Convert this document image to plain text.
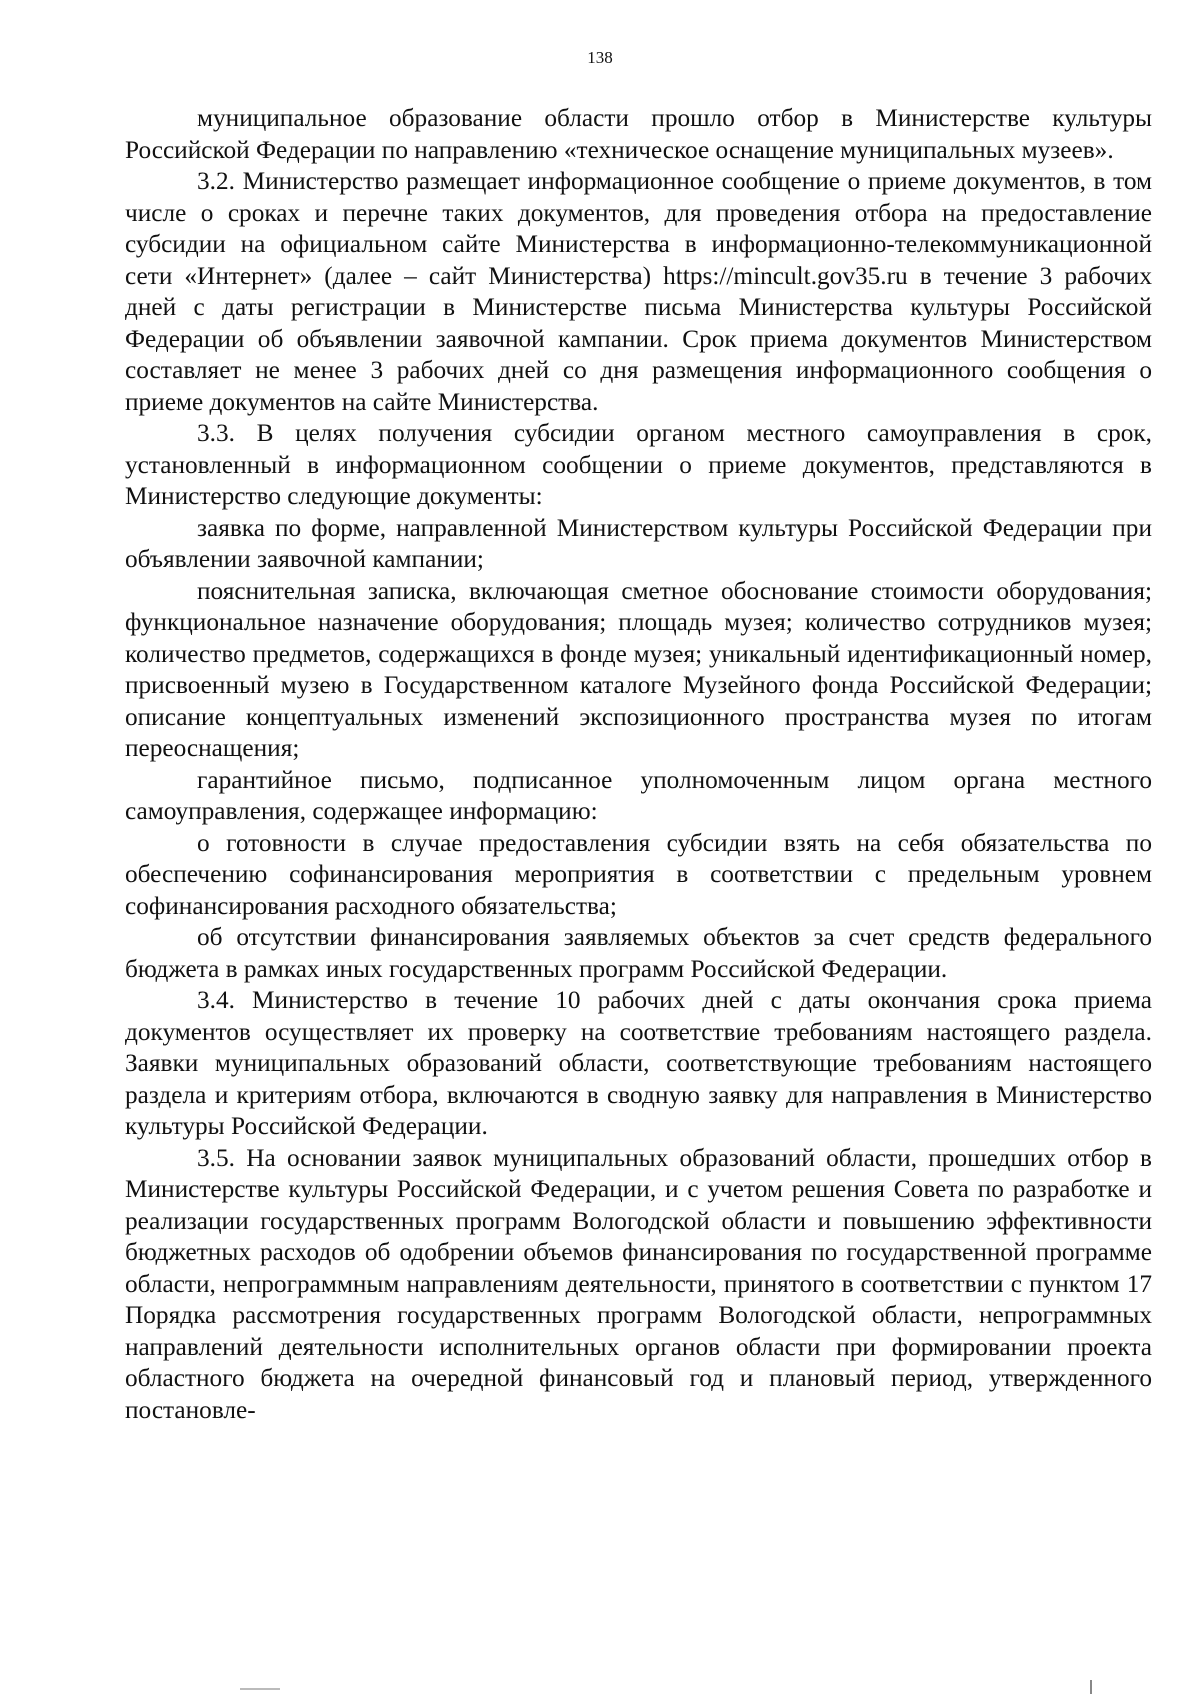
138

муниципальное образование области прошло отбор в Министерстве культуры Российской Федерации по направлению «техническое оснащение муниципальных музеев».

3.2. Министерство размещает информационное сообщение о приеме документов, в том числе о сроках и перечне таких документов, для проведения отбора на предоставление субсидии на официальном сайте Министерства в информационно-телекоммуникационной сети «Интернет» (далее – сайт Министерства) https://mincult.gov35.ru в течение 3 рабочих дней с даты регистрации в Министерстве письма Министерства культуры Российской Федерации об объявлении заявочной кампании. Срок приема документов Министерством составляет не менее 3 рабочих дней со дня размещения информационного сообщения о приеме документов на сайте Министерства.

3.3. В целях получения субсидии органом местного самоуправления в срок, установленный в информационном сообщении о приеме документов, представляются в Министерство следующие документы:

заявка по форме, направленной Министерством культуры Российской Федерации при объявлении заявочной кампании;

пояснительная записка, включающая сметное обоснование стоимости оборудования; функциональное назначение оборудования; площадь музея; количество сотрудников музея; количество предметов, содержащихся в фонде музея; уникальный идентификационный номер, присвоенный музею в Государственном каталоге Музейного фонда Российской Федерации; описание концептуальных изменений экспозиционного пространства музея по итогам переоснащения;

гарантийное письмо, подписанное уполномоченным лицом органа местного самоуправления, содержащее информацию:

о готовности в случае предоставления субсидии взять на себя обязательства по обеспечению софинансирования мероприятия в соответствии с предельным уровнем софинансирования расходного обязательства;

об отсутствии финансирования заявляемых объектов за счет средств федерального бюджета в рамках иных государственных программ Российской Федерации.

3.4. Министерство в течение 10 рабочих дней с даты окончания срока приема документов осуществляет их проверку на соответствие требованиям настоящего раздела. Заявки муниципальных образований области, соответствующие требованиям настоящего раздела и критериям отбора, включаются в сводную заявку для направления в Министерство культуры Российской Федерации.

3.5. На основании заявок муниципальных образований области, прошедших отбор в Министерстве культуры Российской Федерации, и с учетом решения Совета по разработке и реализации государственных программ Вологодской области и повышению эффективности бюджетных расходов об одобрении объемов финансирования по государственной программе области, непрограммным направлениям деятельности, принятого в соответствии с пунктом 17 Порядка рассмотрения государственных программ Вологодской области, непрограммных направлений деятельности исполнительных органов области при формировании проекта областного бюджета на очередной финансовый год и плановый период, утвержденного постановле-
